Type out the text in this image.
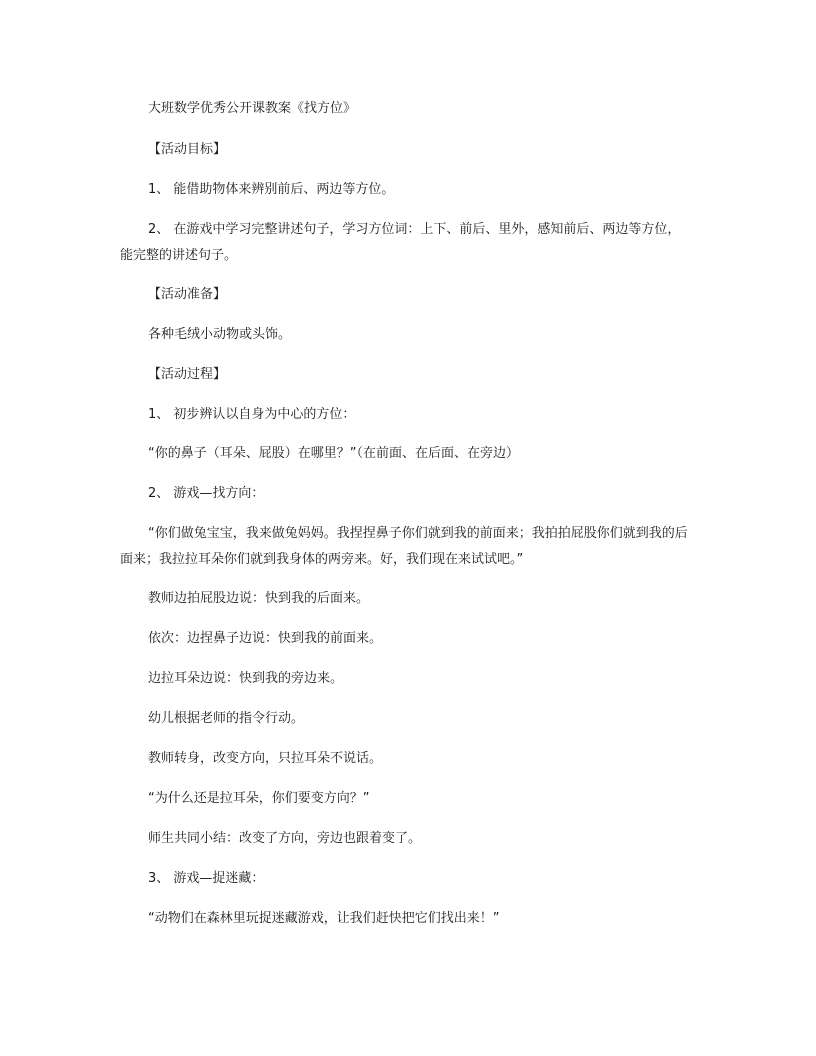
大班数学优秀公开课教案《找方位》

【活动目标】

1、 能借助物体来辨别前后、两边等方位。

2、 在游戏中学习完整讲述句子，学习方位词：上下、前后、里外，感知前后、两边等方位，能完整的讲述句子。

【活动准备】

各种毛绒小动物或头饰。

【活动过程】

1、 初步辨认以自身为中心的方位：

“你的鼻子（耳朵、屁股）在哪里？”（在前面、在后面、在旁边）

2、 游戏—找方向：

“你们做兔宝宝，我来做兔妈妈。我捏捏鼻子你们就到我的前面来；我拍拍屁股你们就到我的后面来；我拉拉耳朵你们就到我身体的两旁来。好，我们现在来试试吧。”

教师边拍屁股边说：快到我的后面来。

依次：边捏鼻子边说：快到我的前面来。

边拉耳朵边说：快到我的旁边来。

幼儿根据老师的指令行动。

教师转身，改变方向，只拉耳朵不说话。

“为什么还是拉耳朵，你们要变方向？”

师生共同小结：改变了方向，旁边也跟着变了。

3、 游戏—捉迷藏：

“动物们在森林里玩捉迷藏游戏，让我们赶快把它们找出来！”
